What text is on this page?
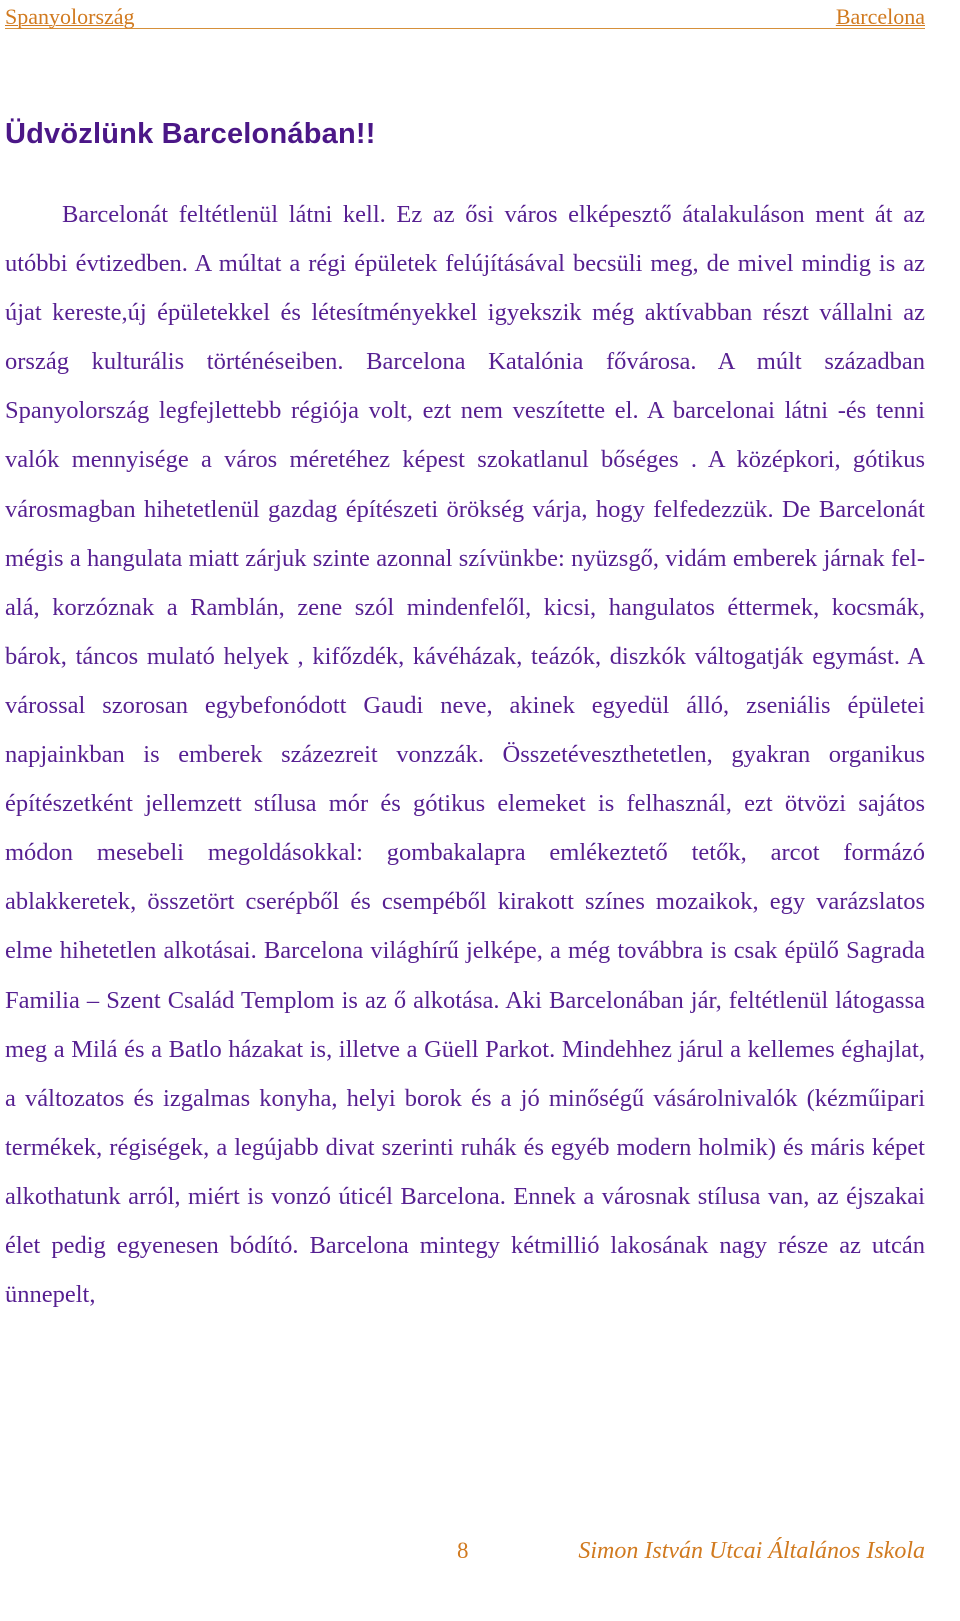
Spanyolország	Barcelona
Üdvözlünk Barcelonában!!

Barcelonát feltétlenül látni kell. Ez az ősi város elképesztő átalakuláson ment át az utóbbi évtizedben. A múltat a régi épületek felújításával becsüli meg, de mivel mindig is az újat kereste,új épületekkel és létesítményekkel igyekszik még aktívabban részt vállalni az ország kulturális történéseiben. Barcelona Katalónia fővárosa. A múlt században Spanyolország legfejlettebb régiója volt, ezt nem veszítette el. A barcelonai látni -és tenni valók mennyisége a város méretéhez képest szokatlanul bőséges . A középkori, gótikus városmagban hihetetlenül gazdag építészeti örökség várja, hogy felfedezzük. De Barcelonát mégis a hangulata miatt zárjuk szinte azonnal szívünkbe: nyüzsgő, vidám emberek járnak fel-alá, korzóznak a Ramblán, zene szól mindenfelől, kicsi, hangulatos éttermek, kocsmák, bárok, táncos mulató helyek , kifőzdék, kávéházak, teázók, diszkók váltogatják egymást. A várossal szorosan egybefonódott Gaudi neve, akinek egyedül álló, zseniális épületei napjainkban is emberek százezreit vonzzák. Összetéveszthetetlen, gyakran organikus építészetként jellemzett stílusa mór és gótikus elemeket is felhasznál, ezt ötvözi sajátos módon mesebeli megoldásokkal: gombakalapra emlékeztető tetők, arcot formázó ablakkeretek, összetört cserépből és csempéből kirakott színes mozaikok, egy varázslatos elme hihetetlen alkotásai. Barcelona világhírű jelképe, a még továbbra is csak épülő Sagrada Familia – Szent Család Templom is az ő alkotása. Aki Barcelonában jár, feltétlenül látogassa meg a Milá és a Batlo házakat is, illetve a Güell Parkot. Mindehhez járul a kellemes éghajlat, a változatos és izgalmas konyha, helyi borok és a jó minőségű vásárolnivalók (kézműipari termékek, régiségek, a legújabb divat szerinti ruhák és egyéb modern holmik) és máris képet alkothatunk arról, miért is vonzó úticél Barcelona. Ennek a városnak stílusa van, az éjszakai élet pedig egyenesen bódító. Barcelona mintegy kétmillió lakosának nagy része az utcán ünnepelt,

8	Simon István Utcai Általános Iskola
